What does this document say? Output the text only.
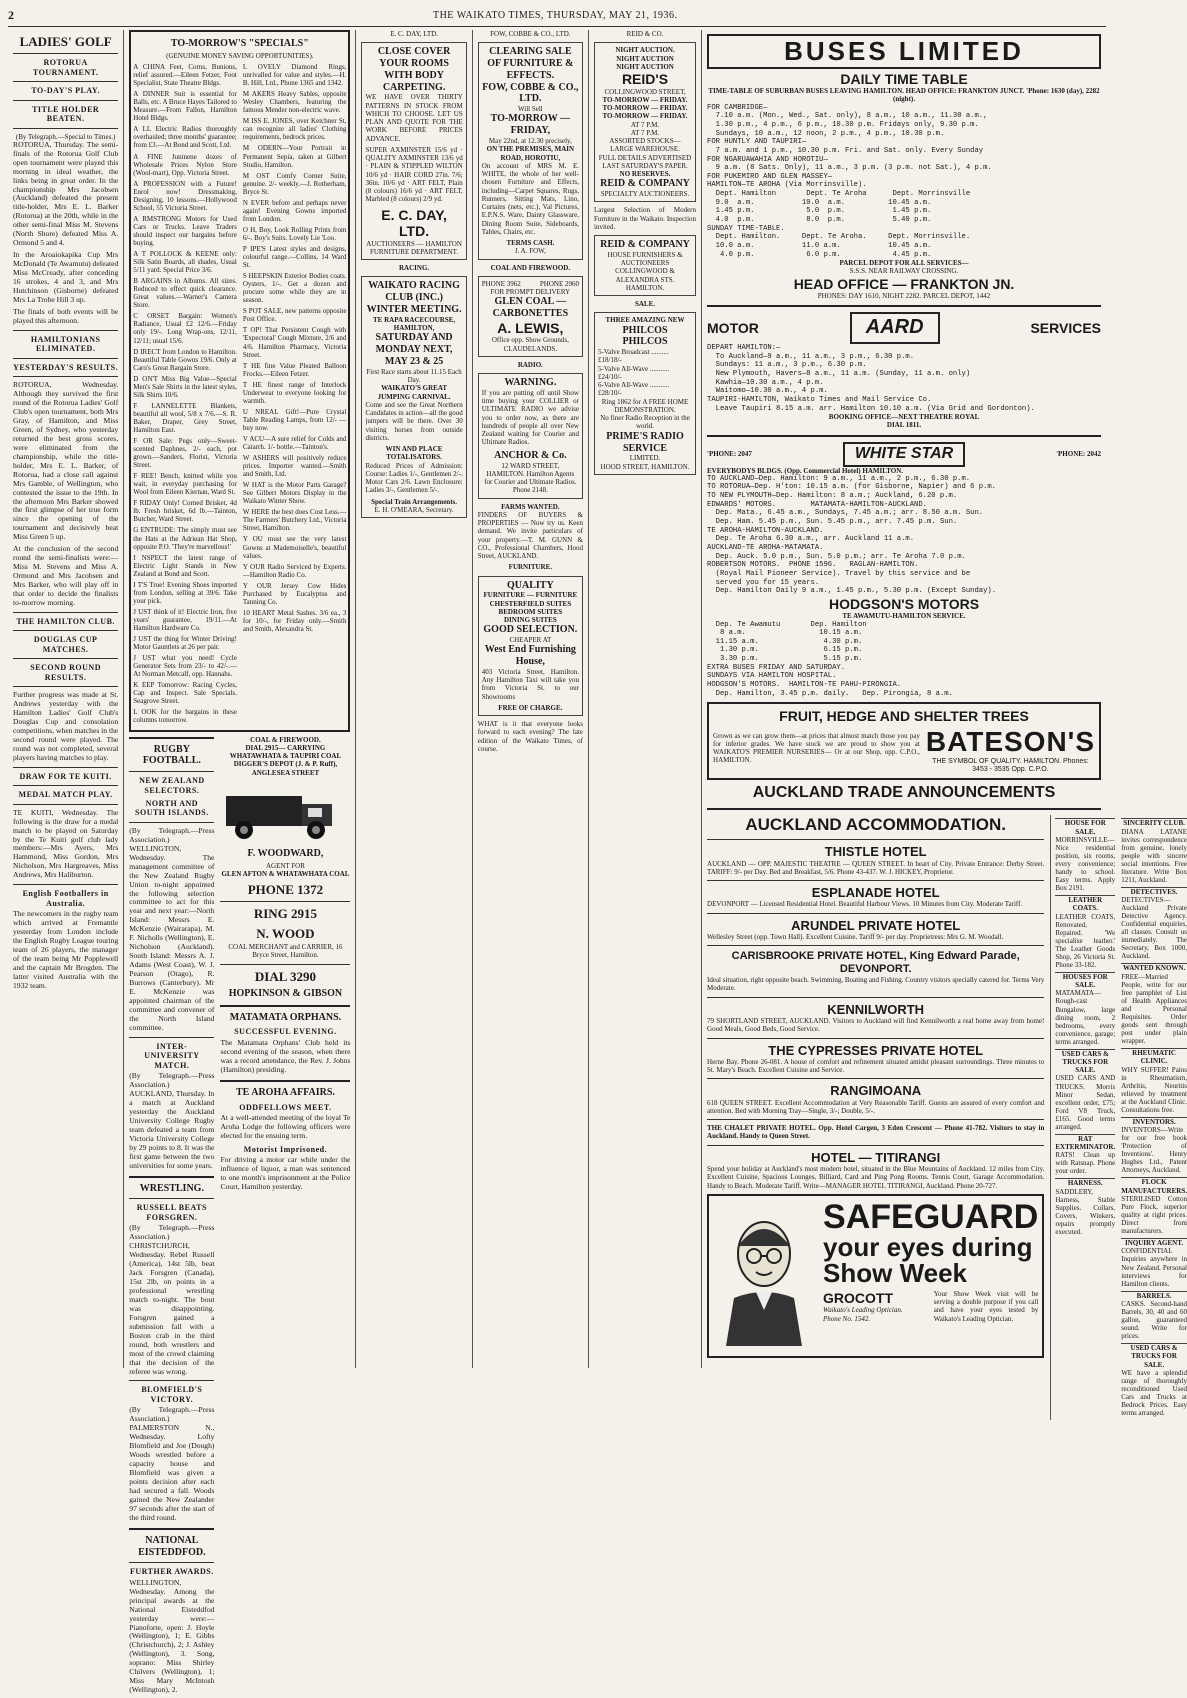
2	THE WAIKATO TIMES, THURSDAY, MAY 21, 1936.
LADIES' GOLF
ROTORUA TOURNAMENT.
TO-DAY'S PLAY.
TITLE HOLDER BEATEN.
(By Telegraph.—Special to Times.)

ROTORUA, Thursday. The semi-finals of the Rotorua Golf Club open tournament were played this morning in ideal weather, the links being in great order. In the championship Mrs Jacobsen (Auckland) defeated the present title-holder, Mrs E. L. Barker (Rotorua) at the 20th, while in the other semi-final Miss M. Stevens (North Shore) defeated Miss A. Ormond 5 and 4.

In the Aroaiokapika Cup Mrs McDonald (Te Awamutu) defeated Miss McCready, after conceding 16 strokes, 4 and 3, and Mrs Hutchinson (Gisborne) defeated Mrs La Trobe Hill 3 up.

The finals of both events will be played this afternoon.

HAMILTONIANS ELIMINATED.
YESTERDAY'S RESULTS.

ROTORUA, Wednesday. Although they survived the first round of the Rotorua Ladies' Golf Club's open tournament, both Mrs Gray, of Hamilton, and Miss Green, of Sydney, who yesterday returned the best gross scores, were eliminated from the championship, while the title-holder, Mrs E. L. Barker, of Rotorua, had a close call against Mrs Gamble, of Wellington, who contested the issue to the 19th. In the afternoon Mrs Barker showed the first glimpse of her true form since the opening of the tournament and decisively beat Miss Green 5 up.

At the conclusion of the second round the semi-finalists were:—Miss M. Stevens and Miss A. Ormond and Mrs Jacobsen and Mrs Barker, who will play off in that order to decide the finalists to-morrow morning.

THE HAMILTON CLUB.
DOUGLAS CUP MATCHES.
SECOND ROUND RESULTS.

Further progress was made at St. Andrews yesterday with the Hamilton Ladies' Golf Club's Douglas Cup and consolation competitions, when matches in the second round were played. The round was not completed, several players having matches to play.

DRAW FOR TE KUITI.
MEDAL MATCH PLAY.

TE KUITI, Wednesday. The following is the draw for a medal match to be played on Saturday by the Te Kuiti golf club lady members:—Mrs Ayers, Mrs Hammond, Miss Gordon, Mrs Nicholson, Mrs Hargreaves, Miss Andrews, Mrs Haliburton.

English Footballers in Australia.

The newcomers in the rugby team which arrived at Fremantle yesterday from London include the English Rugby League touring team of 26 players, the manager of the team being Mr Popplewell and the captain Mr Brogden. The latter visited Australia with the 1932 team.

TO-MORROW'S "SPECIALS"
(GENUINE MONEY SAVING OPPORTUNITIES).

A CHINA Feet, Corns, Bunions, relief assured.—Eileen Fetzer, Foot Specialist, State Theatre Bldgs.

A DINNER Suit is essential for Balls, etc. A Bruce Hayes Tailored to Measure.—From Fallon, Hamilton Hotel Bldgs.

A LL Electric Radios thoroughly overhauled; three months' guarantee; from £3.—At Bond and Scott, Ltd.

A FINE Juninene dozes of Wholesale Prices Nylon Store (Wool-mart), Opp. Victoria Street.

A PROFESSION with a Future! Enrol now! Dressmaking, Designing, 10 lessons.—Hollywood School, 55 Victoria Street.

A RMSTRONG Motors for Used Cars or Trucks. Leave Traders should inspect our bargains before buying.

A T POLLOCK & KEENE only: Silk Satin Boards, all shades, Usual 5/11 yard. Special Price 3/6.

B ARGAINS in Albums. All sizes. Reduced to effect quick clearance. Great values.—Warner's Camera Store.

C ORSET Bargain: Women's Radiance, Usual £2 12/6.—Friday only 19/-. Long Wrap-ons, 12/11, 12/11; usual 15/6.

D IRECT from London to Hamilton. Beautiful Table Gowns 19/6. Only at Caro's Great Bargain Store.

D ON'T Miss Big Value—Special Men's Sale Shirts in the latest styles, Silk Shirts 10/6.

F LANNELETTE Blankets, beautiful all wool, 5/8 x 7/6.—S. R. Baker, Draper, Grey Street, Hamilton East.

F OR Sale: Pegs only—Sweet-scented Daphnes, 2/- each, pot grown.—Sanders, Florist, Victoria Street.

F REE! Bench, knitted while you wait, in everyday purchasing for Wool from Eileen Kiernan, Ward St.

F RIDAY Only! Corned Brisket, 4d lb. Fresh brisket, 6d lb.—Tainton, Butcher, Ward Street.

G ENTRUDE: The simply must see the Hats at the Adriean Hat Shop, opposite P.O. 'They're marvellous!'

I NSPECT the latest range of Electric Light Stands in New Zealand at Bond and Scott.

I T'S True! Evening Shoes imported from London, selling at 39/6. Take your pick.

J UST think of it! Electric Iron, five years' guarantee, 19/11.—At Hamilton Hardware Co.

J UST the thing for Winter Driving! Motor Gauntlets at 26 per pair.

J UST what you need! Cycle Generator Sets from 23/- to 42/-.—At Norman Metcalf, opp. Hannahs.

K EEP Tomorrow: Racing Cycles, Cap and Inspect. Sale Specials. Seagrove Street.

L OOK for the bargains in these columns tomorrow.

L OVELY Diamond Rings, unrivalled for value and styles.—H. B. Hill, Ltd., Phone 1365 and 1342.

M AKERS Heavy Sables, opposite Wesley Chambers, featuring the famous Mender non-electric wave.

M ISS E. JONES, over Ketchner St, can recognize all ladies' Clothing requirements, bedrock prices.

M ODERN—Your Portrait in Permanent Sepia, taken at Gilbert Studio, Hamilton.

M OST Comfy Corner Suite, genuine. 2/- weekly.—J. Rotherham, Bryce St.

N EVER before and perhaps never again! Evening Gowns imported from London.

O H, Boy, Look Rolling Prints from 6/-. Boy's Suits. Lovely Lie 'Loo.

P IPE'S Latest styles and designs, colourful range.—Collins, 14 Ward St.

S HEEPSKIN Exterior Bodies coats. Oysters, 1/-. Get a dozen and procure some while they are in season.

S POT SALE, new patterns opposite Post Office.

T OP! That Persistent Cough with 'Expectoral' Cough Mixture, 2/6 and 4/6. Hamilton Pharmacy, Victoria Street.

T HE fine Value Pleated Balloon Frocks.—Eileen Fetzer.

T HE finest range of Interlock Underwear to everyone looking for warmth.

U NREAL Gift!—Pure Crystal Table Reading Lamps, from 12/- — buy now.

V ACU—A sure relief for Colds and Catarrh. 1/- bottle.—Tainton's.

W ASHERS will positively reduce prices. Importer wanted.—Smith and Smith, Ltd.

W HAT is the Motor Parts Garage? See Gilbert Motors Display in the Waikato Winter Show.

W HERE the best does Cost Less.—The Farmers' Butchery Ltd., Victoria Street, Hamilton.

Y OU must see the very latest Gowns at Mademoiselle's, beautiful values.

Y OUR Radio Serviced by Experts.—Hamilton Radio Co.

Y OUR Jersey Cow Hides Purchased by Eucalyptus and Tanning Co.

10 HEART Metal Sashes. 3/6 ea., 3 for 10/-, for Friday only.—Smith and Smith, Alexandra St.

RUGBY FOOTBALL.
NEW ZEALAND SELECTORS.
NORTH AND SOUTH ISLANDS.

(By Telegraph.—Press Association.) WELLINGTON, Wednesday. The management committee of the New Zealand Rugby Union to-night appointed the following selection committee to act for this year and next year:—North Island: Messrs E. McKenzie (Wairarapa), M. F. Nicholls (Wellington), E. Nicholson (Auckland). South Island: Messrs A. J. Adams (West Coast), W. J. Pearson (Otago), R. Burrows (Canterbury). Mr E. McKenzie was appointed chairman of the committee and convener of the North Island committee.

INTER-UNIVERSITY MATCH.

(By Telegraph.—Press Association.) AUCKLAND, Thursday. In a match at Auckland yesterday the Auckland University College Rugby team defeated a team from Victoria University College by 29 points to 8. It was the first game between the two universities for some years.

WRESTLING.
RUSSELL BEATS FORSGREN.

(By Telegraph.—Press Association.) CHRISTCHURCH, Wednesday. Rebel Russell (America), 14st 5lb, beat Jack Forsgren (Canada), 15st 2lb, on points in a professional wrestling match to-night. The bout was disappointing. Forsgren gained a submission fall with a Boston crab in the third round, both wrestlers and most of the crowd claiming that the decision of the referee was wrong.

BLOMFIELD'S VICTORY.

(By Telegraph.—Press Association.) PALMERSTON N., Wednesday. Lofty Blomfield and Joe (Dough) Woods wrestled before a capacity house and Blomfield was given a points decision after each had secured a fall. Woods gained the New Zealander 97 seconds after the start of the third round.

NATIONAL EISTEDDFOD.
FURTHER AWARDS.

WELLINGTON, Wednesday. Among the principal awards at the National Eisteddfod yesterday were:—Pianoforte, open: J. Hoyle (Wellington), 1; E. Gibbs (Christchurch), 2; J. Ashley (Wellington), 3. Song, soprano: Miss Shirley Chilvers (Wellington), 1; Miss Mary McIntosh (Wellington), 2.

COAL & FIREWOOD.
DIAL 2915— CARRYING WHATAWHATA & TAUPIRI COAL
DIGGER'S DEPOT (J. & P. Ruff), ANGLESEA STREET
F. WOODWARD,
AGENT FOR
GLEN AFTON & WHATAWHATA COAL
PHONE 1372
RING 2915
N. WOOD
COAL MERCHANT and CARRIER, 16 Bryce Street, Hamilton.
DIAL 3290
HOPKINSON & GIBSON
MATAMATA ORPHANS.
SUCCESSFUL EVENING.

The Matamata Orphans' Club held its second evening of the season, when there was a record attendance, the Rev. J. Johns (Hamilton) presiding.

TE AROHA AFFAIRS.
ODDFELLOWS MEET.

At a well-attended meeting of the loyal Te Aroha Lodge the following officers were elected for the ensuing term.

Motorist Imprisoned.

For driving a motor car while under the influence of liquor, a man was sentenced to one month's imprisonment at the Police Court, Hamilton yesterday.

E. C. DAY, LTD.
CLOSE COVER YOUR ROOMS WITH BODY CARPETING.

WE HAVE OVER THIRTY PATTERNS IN STOCK FROM WHICH TO CHOOSE. LET US PLAN AND QUOTE FOR THE WORK BEFORE PRICES ADVANCE.

SUPER AXMINSTER 15/6 yd · QUALITY AXMINSTER 13/6 yd · PLAIN & STIPPLED WILTON 10/6 yd · HAIR CORD 27in. 7/6; 36in. 10/6 yd · ART FELT, Plain (8 colours) 16/6 yd · ART FELT, Marbled (8 colours) 2/9 yd.

E. C. DAY, LTD.
AUCTIONEERS — HAMILTON FURNITURE DEPARTMENT.
RACING.
WAIKATO RACING CLUB (INC.) WINTER MEETING.
TE RAPA RACECOURSE, HAMILTON,
SATURDAY AND MONDAY NEXT, MAY 23 & 25
First Race starts about 11.15 Each Day.
WAIKATO'S GREAT JUMPING CARNIVAL.

Come and see the Great Northern Candidates in action—all the good jumpers will be there. Over 30 visiting horses from outside districts.

WIN AND PLACE TOTALISATORS.

Reduced Prices of Admission: Course: Ladies 1/-, Gentlemen 2/-. Motor Cars 2/6. Lawn Enclosure: Ladies 3/-, Gentlemen 5/-.

Special Train Arrangements.
E. H. O'MEARA, Secretary.
FOW, COBBE & CO., LTD.
CLEARING SALE OF FURNITURE & EFFECTS.
FOW, COBBE & CO., LTD.
Will Sell
TO-MORROW — FRIDAY,
May 22nd, at 12.30 precisely,
ON THE PREMISES, MAIN ROAD, HOROTIU,

On account of MRS M. E. WHITE, the whole of her well-chosen Furniture and Effects, including—Carpet Squares, Rugs, Runners, Sitting Mats, Lino, Curtains (nets, etc.), Val Pictures, E.P.N.S. Ware, Dainty Glassware, Dining Room Suite, Sideboards, Tables, Chairs, etc.

TERMS CASH.
J. A. FOW,
COAL AND FIREWOOD.
PHONE 3962	PHONE 2960
FOR PROMPT DELIVERY
GLEN COAL — CARBONETTES
A. LEWIS,
Office opp. Show Grounds, CLAUDELANDS.
RADIO.
WARNING.

If you are putting off until Show time buying your COLLIER or ULTIMATE RADIO we advise you to order now, as there are hundreds of people all over New Zealand waiting for Courier and Ultimate Radios.

ANCHOR & Co.
12 WARD STREET, HAMILTON. Hamilton Agents for Courier and Ultimate Radios. Phone 2148.
FARMS WANTED.

FINDERS OF BUYERS & PROPERTIES — Now try us. Keen demand. We invite particulars of your property.—T. M. GUNN & CO., Professional Chambers, Hood Street, AUCKLAND.

FURNITURE.
QUALITY
FURNITURE — FURNITURE
CHESTERFIELD SUITES
BEDROOM SUITES
DINING SUITES
GOOD SELECTION.
CHEAPER AT
West End Furnishing House,

403 Victoria Street, Hamilton. Any Hamilton Taxi will take you from Victoria St. to our Showrooms

FREE OF CHARGE.

WHAT is it that everyone looks forward to each evening? The late edition of the Waikato Times, of course.

REID & CO.
NIGHT AUCTION.
NIGHT AUCTION
NIGHT AUCTION
REID'S
COLLINGWOOD STREET,
TO-MORROW — FRIDAY.
TO-MORROW — FRIDAY.
TO-MORROW — FRIDAY.
AT 7 P.M.
AT 7 P.M.
ASSORTED STOCKS—
LARGE WAREHOUSE.
FULL DETAILS ADVERTISED
LAST SATURDAY'S PAPER.
NO RESERVES.
REID & COMPANY
SPECIALTY AUCTIONEERS.

Largest Selection of Modern Furniture in the Waikato. Inspection invited.

REID & COMPANY
HOUSE FURNISHERS & AUCTIONEERS
COLLINGWOOD & ALEXANDRA STS. HAMILTON.
SALE.
THREE AMAZING NEW
PHILCOS
PHILCOS
5-Valve Broadcast .......... £18/18/-
5-Valve All-Wave ........... £24/10/-
6-Valve All-Wave ........... £28/10/-
Ring 1862 for A FREE HOME DEMONSTRATION.
No finer Radio Reception in the world.
PRIME'S RADIO SERVICE
LIMITED.
HOOD STREET, HAMILTON.
BUSES LIMITED
DAILY TIME TABLE
TIME-TABLE OF SUBURBAN BUSES LEAVING HAMILTON. HEAD OFFICE: FRANKTON JUNCT. 'Phone: 1630 (day), 2282 (night).
FOR CAMBRIDGE—
7.10 a.m. (Mon., Wed., Sat. only), 8 a.m., 10 a.m., 11.30 a.m.,
1.30 p.m., 4 p.m., 6 p.m., 10.30 p.m. Fridays only, 9.30 p.m.
Sundays, 10 a.m., 12 noon, 2 p.m., 4 p.m., 10.30 p.m.
FOR HUNTLY AND TAUPIRI—
7 a.m. and 1 p.m., 10.30 p.m. Fri. and Sat. only. Every Sunday
FOR NGARUAWAHIA AND HOROTIU—
9 a.m. (8 Sats. Only), 11 a.m., 3 p.m. (3 p.m. not Sat.), 4 p.m.
FOR PUKEMIRO AND GLEN MASSEY—
HAMILTON—TE AROHA (Via Morrinsville).
Dept. Hamilton       Dept. Te Aroha      Dept. Morrinsville
9.0  a.m.           10.0  a.m.          10.45 a.m.
1.45 p.m.            5.0  p.m.           1.45 p.m.
4.0  p.m.            8.0  p.m.           5.40 p.m.
SUNDAY TIME-TABLE.
Dept. Hamilton.     Dept. Te Aroha.     Dept. Morrinsville.
10.0 a.m.           11.0 a.m.           10.45 a.m.
4.0 p.m.            6.0 p.m.            4.45 p.m.
PARCEL DEPOT FOR ALL SERVICES—
S.S.S. NEAR RAILWAY CROSSING.
HEAD OFFICE — FRANKTON JN.
PHONES: DAY 1610, NIGHT 2282. PARCEL DEPOT, 1442
MOTOR	AARD	SERVICES
DEPART HAMILTON:—
To Auckland—9 a.m., 11 a.m., 3 p.m., 6.30 p.m.
Sundays: 11 a.m., 3 p.m., 6.30 p.m.
New Plymouth, Havers—8 a.m., 11 a.m. (Sunday, 11 a.m. only)
Kawhia—10.30 a.m., 4 p.m.
Waitomo—10.30 a.m., 4 p.m.
TAUPIRI-HAMILTON, Waikato Times and Mail Service Co.
Leave Taupiri 8.15 a.m. arr. Hamilton 10.10 a.m. (Via Grid and Gordonton).
BOOKING OFFICE—NEXT THEATRE ROYAL
DIAL 1811.
'PHONE: 2047	WHITE STAR	'PHONE: 2042
EVERYBODYS BLDGS. (Opp. Commercial Hotel) HAMILTON.
TO AUCKLAND—Dep. Hamilton: 9 a.m., 11 a.m., 2 p.m., 6.30 p.m.
TO ROTORUA—Dep. H'ton: 10.15 a.m. (for Gisborne, Napier) and 6 p.m.
TO NEW PLYMOUTH—Dep. Hamilton: 8 a.m.; Auckland, 6.20 p.m.
EDWARDS' MOTORS.        MATAMATA-HAMILTON-AUCKLAND.
Dep. Mata., 6.45 a.m., Sundays, 7.45 a.m.; arr. 8.50 a.m. Sun.
Dep. Ham. 5.45 p.m., Sun. 5.45 p.m., arr. 7.45 p.m. Sun.
TE AROHA-HAMILTON-AUCKLAND.
Dep. Te Aroha 6.30 a.m., arr. Auckland 11 a.m.
AUCKLAND-TE AROHA-MATAMATA.
Dep. Auck. 5.0 p.m., Sun. 5.0 p.m.; arr. Te Aroha 7.0 p.m.
ROBERTSON MOTORS.  PHONE 1596.   RAGLAN-HAMILTON.
(Royal Mail Pioneer Service). Travel by this service and be
served you for 15 years.
Dep. Hamilton Daily 9 a.m., 1.45 p.m., 5.30 p.m. (Except Sunday).
HODGSON'S MOTORS
TE AWAMUTU-HAMILTON SERVICE.
Dep. Te Awamutu       Dep. Hamilton
8 a.m.                 10.15 a.m.
11.15 a.m.               4.30 p.m.
1.30 p.m.               6.15 p.m.
3.30 p.m.               5.15 p.m.
EXTRA BUSES FRIDAY AND SATURDAY.
SUNDAYS VIA HAMILTON HOSPITAL.
HODGSON'S MOTORS.  HAMILTON-TE PAHU-PIRONGIA.
Dep. Hamilton, 3.45 p.m. daily.   Dep. Pirongia, 8 a.m.
FRUIT, HEDGE AND SHELTER TREES

Grown as we can grow them—at prices that almost match those you pay for inferior grades. We have stock we are proud to show you at WAIKATO'S PREMIER NURSERIES— Or at our Shop, opp. C.P.O., HAMILTON.

BATESON'S
THE SYMBOL OF QUALITY. HAMILTON. Phones: 3453 - 3535 Opp. C.P.O.
AUCKLAND TRADE ANNOUNCEMENTS
AUCKLAND ACCOMMODATION.
THISTLE HOTEL

AUCKLAND — OPP. MAJESTIC THEATRE — QUEEN STREET. In heart of City. Private Entrance: Derby Street. TARIFF: 9/- per Day. Bed and Breakfast, 5/6. Phone 43-437. W. J. HICKEY, Proprietor.

ESPLANADE HOTEL

DEVONPORT — Licensed Residential Hotel. Beautiful Harbour Views. 10 Minutes from City. Moderate Tariff.

ARUNDEL PRIVATE HOTEL

Wellesley Street (opp. Town Hall). Excellent Cuisine. Tariff 9/- per day. Proprietress: Mrs G. M. Woodall.

CARISBROOKE PRIVATE HOTEL, King Edward Parade, DEVONPORT.

Ideal situation, right opposite beach. Swimming, Boating and Fishing. Country visitors specially catered for. Terms Very Moderate.

KENNILWORTH

79 SHORTLAND STREET, AUCKLAND. Visitors to Auckland will find Kennilworth a real home away from home! Good Meals, Good Beds, Good Service.

THE CYPRESSES PRIVATE HOTEL

Herne Bay. Phone 26-081. A house of comfort and refinement situated amidst pleasant surroundings. Three minutes to St. Mary's Beach. Excellent Cuisine and Service.

RANGIMOANA

618 QUEEN STREET. Excellent Accommodation at Very Reasonable Tariff. Guests are assured of every comfort and attention. Bed with Morning Tray—Single, 3/-; Double, 5/-.

THE CHALET PRIVATE HOTEL. Opp. Hotel Cargen, 3 Eden Crescent — Phone 41-782. Visitors to stay in Auckland. Handy to Queen Street.

HOTEL — TITIRANGI

Spend your holiday at Auckland's most modern hotel, situated in the Blue Mountains of Auckland. 12 miles from City. Excellent Cuisine, Spacious Lounges, Billiard, Card and Ping Pong Rooms. Tennis Court, Garage Accommodation. Handy to Beach. Moderate Tariff. Write—MANAGER HOTEL TITIRANGI, Auckland. Phone 20-727.

SAFEGUARD
your eyes during
Show Week
GROCOTT
Waikato's Leading Optician.
Phone No. 1542.

Your Show Week visit will be serving a double purpose if you call and have your eyes tested by Waikato's Leading Optician.

HOUSE FOR SALE.

MORRINSVILLE—Nice residential position, six rooms, every convenience; handy to school. Easy terms. Apply Box 2191.

LEATHER COATS.

LEATHER COATS, Renovated, Repaired. 'We specialise leather.' The Leather Goods Shop, 26 Victoria St. Phone 33-182.

HOUSES FOR SALE.

MATAMATA—Rough-cast Bungalow, large dining room, 2 bedrooms, every convenience, garage; terms arranged.

USED CARS & TRUCKS FOR SALE.

USED CARS AND TRUCKS. Morris Minor Sedan, excellent order, £75; Ford V8 Truck, £165. Good terms arranged.

RAT EXTERMINATOR.

RATS! Clean up with Ratsnap. Phone your order.

HARNESS.

SADDLERY, Harness, Stable Supplies. Collars, Covers, Winkers, repairs promptly executed.

SINCERITY CLUB.

DIANA LATANE invites correspondence from genuine, lonely people with sincere social intentions. Free literature. Write Box 1211, Auckland.

DETECTIVES.

DETECTIVES—Auckland Private Detective Agency. Confidential enquiries, all classes. Consult us immediately. The Secretary, Box 1000, Auckland.

WANTED KNOWN.

FREE—Married People, write for our free pamphlet of List of Health Appliances and Personal Requisites. Order goods sent through post under plain wrapper.

RHEUMATIC CLINIC.

WHY SUFFER! Pains in Rheumatism, Arthritis, Neuritis relieved by treatment at the Auckland Clinic. Consultations free.

INVENTORS.

INVENTORS—Write for our free book 'Protection of Inventions'. Henry Hughes Ltd., Patent Attorneys, Auckland.

FLOCK MANUFACTURERS.

STERILISED Cotton Pure Flock, superior quality at right prices. Direct from manufacturers.

INQUIRY AGENT.

CONFIDENTIAL Inquiries anywhere in New Zealand. Personal interviews for Hamilton clients.

BARRELS.

CASKS. Second-hand Barrels, 30, 40 and 60 gallon, guaranteed sound. Write for prices.

USED CARS & TRUCKS FOR SALE.

WE have a splendid range of thoroughly reconditioned Used Cars and Trucks at Bedrock Prices. Easy terms arranged.
